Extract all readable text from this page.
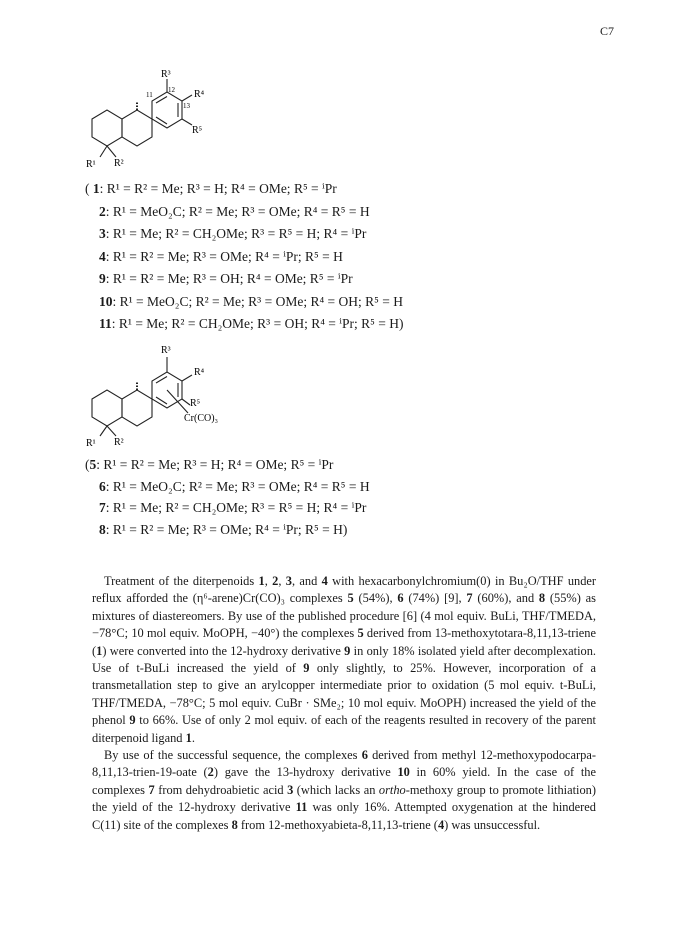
C7
R³
12
11	R⁴
13
R⁵
R¹ R²
( 1: R¹ = R² = Me; R³ = H; R⁴ = OMe; R⁵ = ⁱPr
2: R¹ = MeO₂C; R² = Me; R³ = OMe; R⁴ = R⁵ = H
3: R¹ = Me; R² = CH₂OMe; R³ = R⁵ = H; R⁴ = ⁱPr
4: R¹ = R² = Me; R³ = OMe; R⁴ = ⁱPr; R⁵ = H
9: R¹ = R² = Me; R³ = OH; R⁴ = OMe; R⁵ = ⁱPr
10: R¹ = MeO₂C; R² = Me; R³ = OMe; R⁴ = OH; R⁵ = H
11: R¹ = Me; R² = CH₂OMe; R³ = OH; R⁴ = ⁱPr; R⁵ = H)
R³
R⁴
R⁵
Cr(CO)₃
R¹ R²
(5: R¹ = R² = Me; R³ = H; R⁴ = OMe; R⁵ = ⁱPr
6: R¹ = MeO₂C; R² = Me; R³ = OMe; R⁴ = R⁵ = H
7: R¹ = Me; R² = CH₂OMe; R³ = R⁵ = H; R⁴ = ⁱPr
8: R¹ = R² = Me; R³ = OMe; R⁴ = ⁱPr; R⁵ = H)

Treatment of the diterpenoids 1, 2, 3, and 4 with hexacarbonylchromium(0) in Bu₂O/THF under reflux afforded the (η⁶-arene)Cr(CO)₃ complexes 5 (54%), 6 (74%) [9], 7 (60%), and 8 (55%) as mixtures of diastereomers. By use of the published procedure [6] (4 mol equiv. BuLi, THF/TMEDA, −78°C; 10 mol equiv. MoOPH, −40°) the complexes 5 derived from 13-methoxytotara-8,11,13-triene (1) were converted into the 12-hydroxy derivative 9 in only 18% isolated yield after decomplexation. Use of t-BuLi increased the yield of 9 only slightly, to 25%. However, incorporation of a transmetallation step to give an arylcopper intermediate prior to oxidation (5 mol equiv. t-BuLi, THF/TMEDA, −78°C; 5 mol equiv. CuBr · SMe₂; 10 mol equiv. MoOPH) increased the yield of the phenol 9 to 66%. Use of only 2 mol equiv. of each of the reagents resulted in recovery of the parent diterpenoid ligand 1.

By use of the successful sequence, the complexes 6 derived from methyl 12-methoxypodocarpa-8,11,13-trien-19-oate (2) gave the 13-hydroxy derivative 10 in 60% yield. In the case of the complexes 7 from dehydroabietic acid 3 (which lacks an ortho-methoxy group to promote lithiation) the yield of the 12-hydroxy derivative 11 was only 16%. Attempted oxygenation at the hindered C(11) site of the complexes 8 from 12-methoxyabieta-8,11,13-triene (4) was unsuccessful.
